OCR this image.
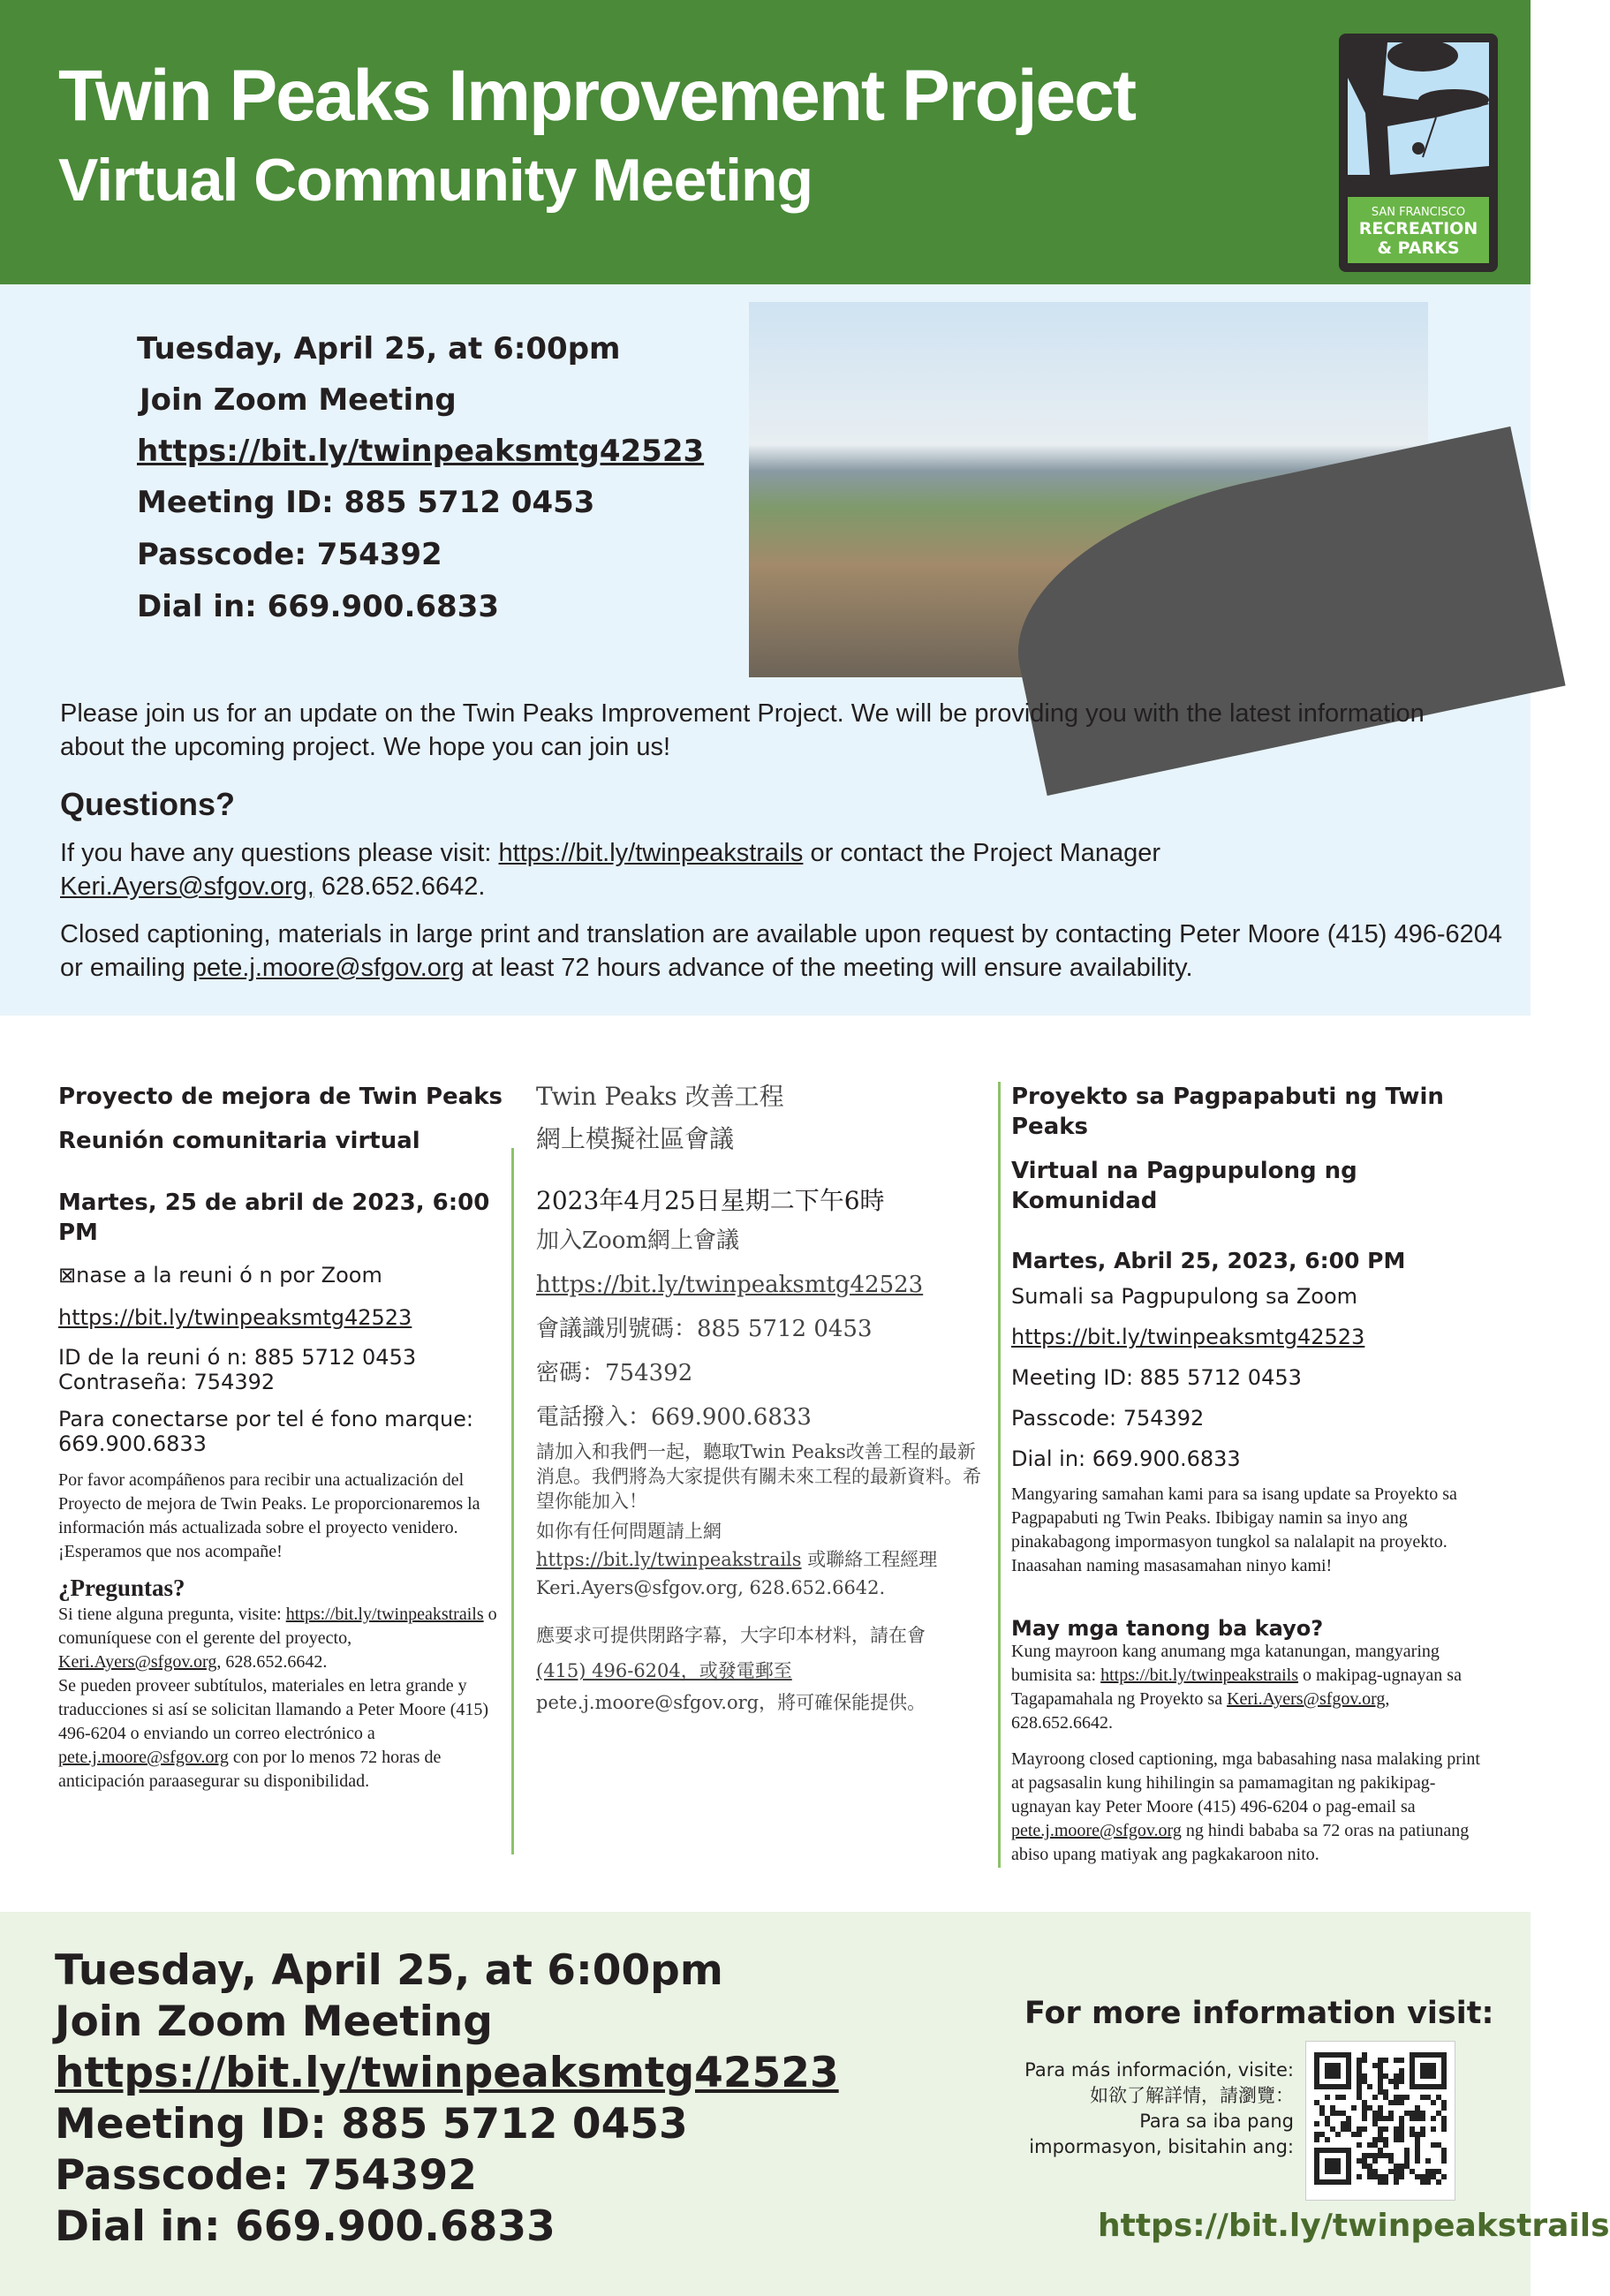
Twin Peaks Improvement Project
Virtual Community Meeting	SAN FRANCISCO
RECREATION
& PARKS
Tuesday, April 25, at 6:00pm
Join Zoom Meeting
https://bit.ly/twinpeaksmtg42523
Meeting ID: 885 5712 0453
Passcode: 754392
Dial in: 669.900.6833
Please join us for an update on the Twin Peaks Improvement Project. We will be providing you with the latest information about the upcoming project. We hope you can join us!
Questions?
If you have any questions please visit: https://bit.ly/twinpeakstrails or contact the Project Manager
Keri.Ayers@sfgov.org, 628.652.6642.
Closed captioning, materials in large print and translation are available upon request by contacting Peter Moore (415) 496-6204 or emailing pete.j.moore@sfgov.org at least 72 hours advance of the meeting will ensure availability.
Proyecto de mejora de Twin Peaks
Reunión comunitaria virtual
Martes, 25 de abril de 2023, 6:00 PM
⊠nase a la reuni ó n por Zoom
https://bit.ly/twinpeaksmtg42523
ID de la reuni ó n: 885 5712 0453
Contraseña: 754392
Para conectarse por tel é fono marque:
669.900.6833
Por favor acompáñenos para recibir una actualización del Proyecto de mejora de Twin Peaks. Le proporcionaremos la información más actualizada sobre el proyecto venidero. ¡Esperamos que nos acompañe!
¿Preguntas?
Si tiene alguna pregunta, visite: https://bit.ly/twinpeakstrails o comuníquese con el gerente del proyecto, Keri.Ayers@sfgov.org, 628.652.6642.
Se pueden proveer subtítulos, materiales en letra grande y traducciones si así se solicitan llamando a Peter Moore (415) 496-6204 o enviando un correo electrónico a pete.j.moore@sfgov.org con por lo menos 72 horas de anticipación paraasegurar su disponibilidad.
Twin Peaks 改善工程
網上模擬社區會議
2023年4月25日星期二下午6時
加入Zoom網上會議
https://bit.ly/twinpeaksmtg42523
會議識別號碼：885 5712 0453
密碼：754392
電話撥入：669.900.6833
請加入和我們一起，聽取Twin Peaks改善工程的最新消息。我們將為大家提供有關未來工程的最新資料。希望你能加入！
如你有任何問題請上網
https://bit.ly/twinpeakstrails 或聯絡工程經理
Keri.Ayers@sfgov.org, 628.652.6642.
應要求可提供閉路字幕，大字印本材料，請在會
(415) 496-6204，或發電郵至
pete.j.moore@sfgov.org，將可確保能提供。
Proyekto sa Pagpapabuti ng Twin Peaks
Virtual na Pagpupulong ng Komunidad
Martes, Abril 25, 2023, 6:00 PM
Sumali sa Pagpupulong sa Zoom
https://bit.ly/twinpeaksmtg42523
Meeting ID: 885 5712 0453
Passcode: 754392
Dial in: 669.900.6833
Mangyaring samahan kami para sa isang update sa Proyekto sa Pagpapabuti ng Twin Peaks. Ibibigay namin sa inyo ang pinakabagong impormasyon tungkol sa nalalapit na proyekto. Inaasahan naming masasamahan ninyo kami!
May mga tanong ba kayo?
Kung mayroon kang anumang mga katanungan, mangyaring bumisita sa: https://bit.ly/twinpeakstrails o makipag-ugnayan sa Tagapamahala ng Proyekto sa Keri.Ayers@sfgov.org, 628.652.6642.
Mayroong closed captioning, mga babasahing nasa malaking print at pagsasalin kung hihilingin sa pamamagitan ng pakikipag-ugnayan kay Peter Moore (415) 496-6204 o pag-email sa pete.j.moore@sfgov.org ng hindi bababa sa 72 oras na patiunang abiso upang matiyak ang pagkakaroon nito.
Tuesday, April 25, at 6:00pm
Join Zoom Meeting
https://bit.ly/twinpeaksmtg42523
Meeting ID: 885 5712 0453
Passcode: 754392
Dial in: 669.900.6833
For more information visit:
Para más información, visite:
如欲了解詳情，請瀏覽：
Para sa iba pang
impormasyon, bisitahin ang:
https://bit.ly/twinpeakstrails
